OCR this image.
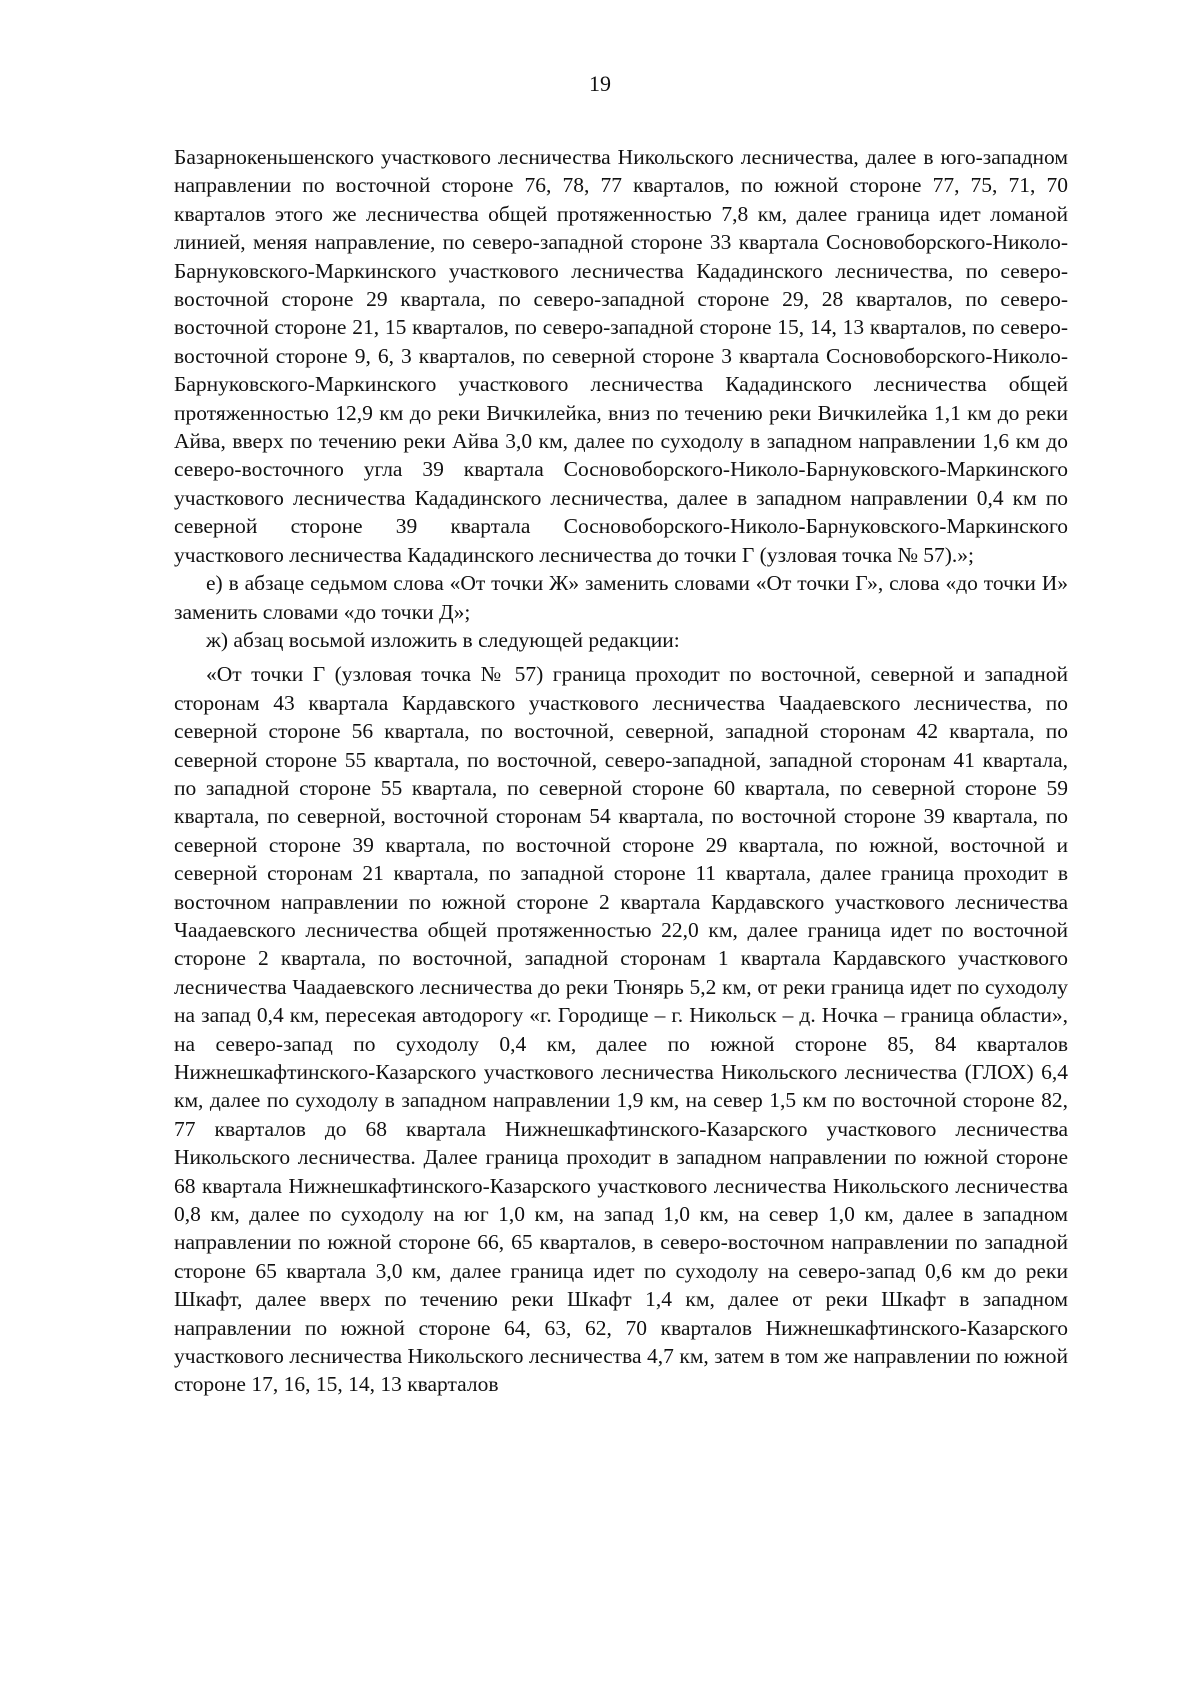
19

Базарнокеньшенского участкового лесничества Никольского лесничества, далее в юго-западном направлении по восточной стороне 76, 78, 77 кварталов, по южной стороне 77, 75, 71, 70 кварталов этого же лесничества общей протяженностью 7,8 км, далее граница идет ломаной линией, меняя направление, по северо-западной стороне 33 квартала Сосновоборского-Николо-Барнуковского-Маркинского участкового лесничества Кададинского лесничества, по северо-восточной стороне 29 квартала, по северо-западной стороне 29, 28 кварталов, по северо-восточной стороне 21, 15 кварталов, по северо-западной стороне 15, 14, 13 кварталов, по северо-восточной стороне 9, 6, 3 кварталов, по северной стороне 3 квартала Сосновоборского-Николо-Барнуковского-Маркинского участкового лесничества Кададинского лесничества общей протяженностью 12,9 км до реки Вичкилейка, вниз по течению реки Вичкилейка 1,1 км до реки Айва, вверх по течению реки Айва 3,0 км, далее по суходолу в западном направлении 1,6 км до северо-восточного угла 39 квартала Сосновоборского-Николо-Барнуковского-Маркинского участкового лесничества Кададинского лесничества, далее в западном направлении 0,4 км по северной стороне 39 квартала Сосновоборского-Николо-Барнуковского-Маркинского участкового лесничества Кададинского лесничества до точки Г (узловая точка № 57).»;

е) в абзаце седьмом слова «От точки Ж» заменить словами «От точки Г», слова «до точки И» заменить словами «до точки Д»;

ж) абзац восьмой изложить в следующей редакции:

«От точки Г (узловая точка № 57) граница проходит по восточной, северной и западной сторонам 43 квартала Кардавского участкового лесничества Чаадаевского лесничества, по северной стороне 56 квартала, по восточной, северной, западной сторонам 42 квартала, по северной стороне 55 квартала, по восточной, северо-западной, западной сторонам 41 квартала, по западной стороне 55 квартала, по северной стороне 60 квартала, по северной стороне 59 квартала, по северной, восточной сторонам 54 квартала, по восточной стороне 39 квартала, по северной стороне 39 квартала, по восточной стороне 29 квартала, по южной, восточной и северной сторонам 21 квартала, по западной стороне 11 квартала, далее граница проходит в восточном направлении по южной стороне 2 квартала Кардавского участкового лесничества Чаадаевского лесничества общей протяженностью 22,0 км, далее граница идет по восточной стороне 2 квартала, по восточной, западной сторонам 1 квартала Кардавского участкового лесничества Чаадаевского лесничества до реки Тюнярь 5,2 км, от реки граница идет по суходолу на запад 0,4 км, пересекая автодорогу «г. Городище – г. Никольск – д. Ночка – граница области», на северо-запад по суходолу 0,4 км, далее по южной стороне 85, 84 кварталов Нижнешкафтинского-Казарского участкового лесничества Никольского лесничества (ГЛОХ) 6,4 км, далее по суходолу в западном направлении 1,9 км, на север 1,5 км по восточной стороне 82, 77 кварталов до 68 квартала Нижнешкафтинского-Казарского участкового лесничества Никольского лесничества. Далее граница проходит в западном направлении по южной стороне 68 квартала Нижнешкафтинского-Казарского участкового лесничества Никольского лесничества 0,8 км, далее по суходолу на юг 1,0 км, на запад 1,0 км, на север 1,0 км, далее в западном направлении по южной стороне 66, 65 кварталов, в северо-восточном направлении по западной стороне 65 квартала 3,0 км, далее граница идет по суходолу на северо-запад 0,6 км до реки Шкафт, далее вверх по течению реки Шкафт 1,4 км, далее от реки Шкафт в западном направлении по южной стороне 64, 63, 62, 70 кварталов Нижнешкафтинского-Казарского участкового лесничества Никольского лесничества 4,7 км, затем в том же направлении по южной стороне 17, 16, 15, 14, 13 кварталов
